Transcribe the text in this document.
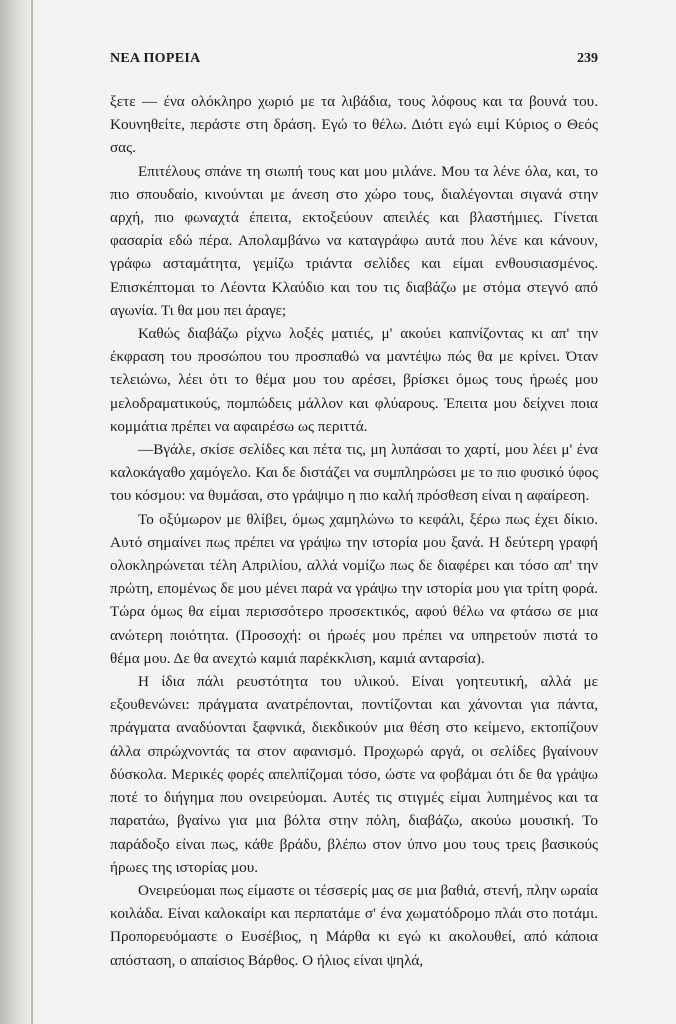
ΝΕΑ ΠΟΡΕΙΑ	239

ξετε — ένα ολόκληρο χωριό με τα λιβάδια, τους λόφους και τα βουνά του. Κουνηθείτε, περάστε στη δράση. Εγώ το θέλω. Διότι εγώ ειμί Κύριος ο Θεός σας.

Επιτέλους σπάνε τη σιωπή τους και μου μιλάνε. Μου τα λένε όλα, και, το πιο σπουδαίο, κινούνται με άνεση στο χώρο τους, διαλέγονται σιγανά στην αρχή, πιο φωναχτά έπειτα, εκτοξεύουν απειλές και βλαστήμιες. Γίνεται φασαρία εδώ πέρα. Απολαμβάνω να καταγράφω αυτά που λένε και κάνουν, γράφω ασταμάτητα, γεμίζω τριάντα σελίδες και είμαι ενθουσιασμένος. Επισκέπτομαι το Λέοντα Κλαύδιο και του τις διαβάζω με στόμα στεγνό από αγωνία. Τι θα μου πει άραγε;

Καθώς διαβάζω ρίχνω λοξές ματιές, μ' ακούει καπνίζοντας κι απ' την έκφραση του προσώπου του προσπαθώ να μαντέψω πώς θα με κρίνει. Όταν τελειώνω, λέει ότι το θέμα μου του αρέσει, βρίσκει όμως τους ήρωές μου μελοδραματικούς, πομπώδεις μάλλον και φλύαρους. Έπειτα μου δείχνει ποια κομμάτια πρέπει να αφαιρέσω ως περιττά.

—Βγάλε, σκίσε σελίδες και πέτα τις, μη λυπάσαι το χαρτί, μου λέει μ' ένα καλοκάγαθο χαμόγελο. Και δε διστάζει να συμπληρώσει με το πιο φυσικό ύφος του κόσμου: να θυμάσαι, στο γράψιμο η πιο καλή πρόσθεση είναι η αφαίρεση.

Το οξύμωρον με θλίβει, όμως χαμηλώνω το κεφάλι, ξέρω πως έχει δίκιο. Αυτό σημαίνει πως πρέπει να γράψω την ιστορία μου ξανά. Η δεύτερη γραφή ολοκληρώνεται τέλη Απριλίου, αλλά νομίζω πως δε διαφέρει και τόσο απ' την πρώτη, επομένως δε μου μένει παρά να γράψω την ιστορία μου για τρίτη φορά. Τώρα όμως θα είμαι περισσότερο προσεκτικός, αφού θέλω να φτάσω σε μια ανώτερη ποιότητα. (Προσοχή: οι ήρωές μου πρέπει να υπηρετούν πιστά το θέμα μου. Δε θα ανεχτώ καμιά παρέκκλιση, καμιά ανταρσία).

Η ίδια πάλι ρευστότητα του υλικού. Είναι γοητευτική, αλλά με εξουθενώνει: πράγματα ανατρέπονται, ποντίζονται και χάνονται για πάντα, πράγματα αναδύονται ξαφνικά, διεκδικούν μια θέση στο κείμενο, εκτοπίζουν άλλα σπρώχνοντάς τα στον αφανισμό. Προχωρώ αργά, οι σελίδες βγαίνουν δύσκολα. Μερικές φορές απελπίζομαι τόσο, ώστε να φοβάμαι ότι δε θα γράψω ποτέ το διήγημα που ονειρεύομαι. Αυτές τις στιγμές είμαι λυπημένος και τα παρατάω, βγαίνω για μια βόλτα στην πόλη, διαβάζω, ακούω μουσική. Το παράδοξο είναι πως, κάθε βράδυ, βλέπω στον ύπνο μου τους τρεις βασικούς ήρωες της ιστορίας μου.

Ονειρεύομαι πως είμαστε οι τέσσερίς μας σε μια βαθιά, στενή, πλην ωραία κοιλάδα. Είναι καλοκαίρι και περπατάμε σ' ένα χωματόδρομο πλάι στο ποτάμι. Προπορευόμαστε ο Ευσέβιος, η Μάρθα κι εγώ κι ακολουθεί, από κάποια απόσταση, ο απαίσιος Βάρθος. Ο ήλιος είναι ψηλά,
